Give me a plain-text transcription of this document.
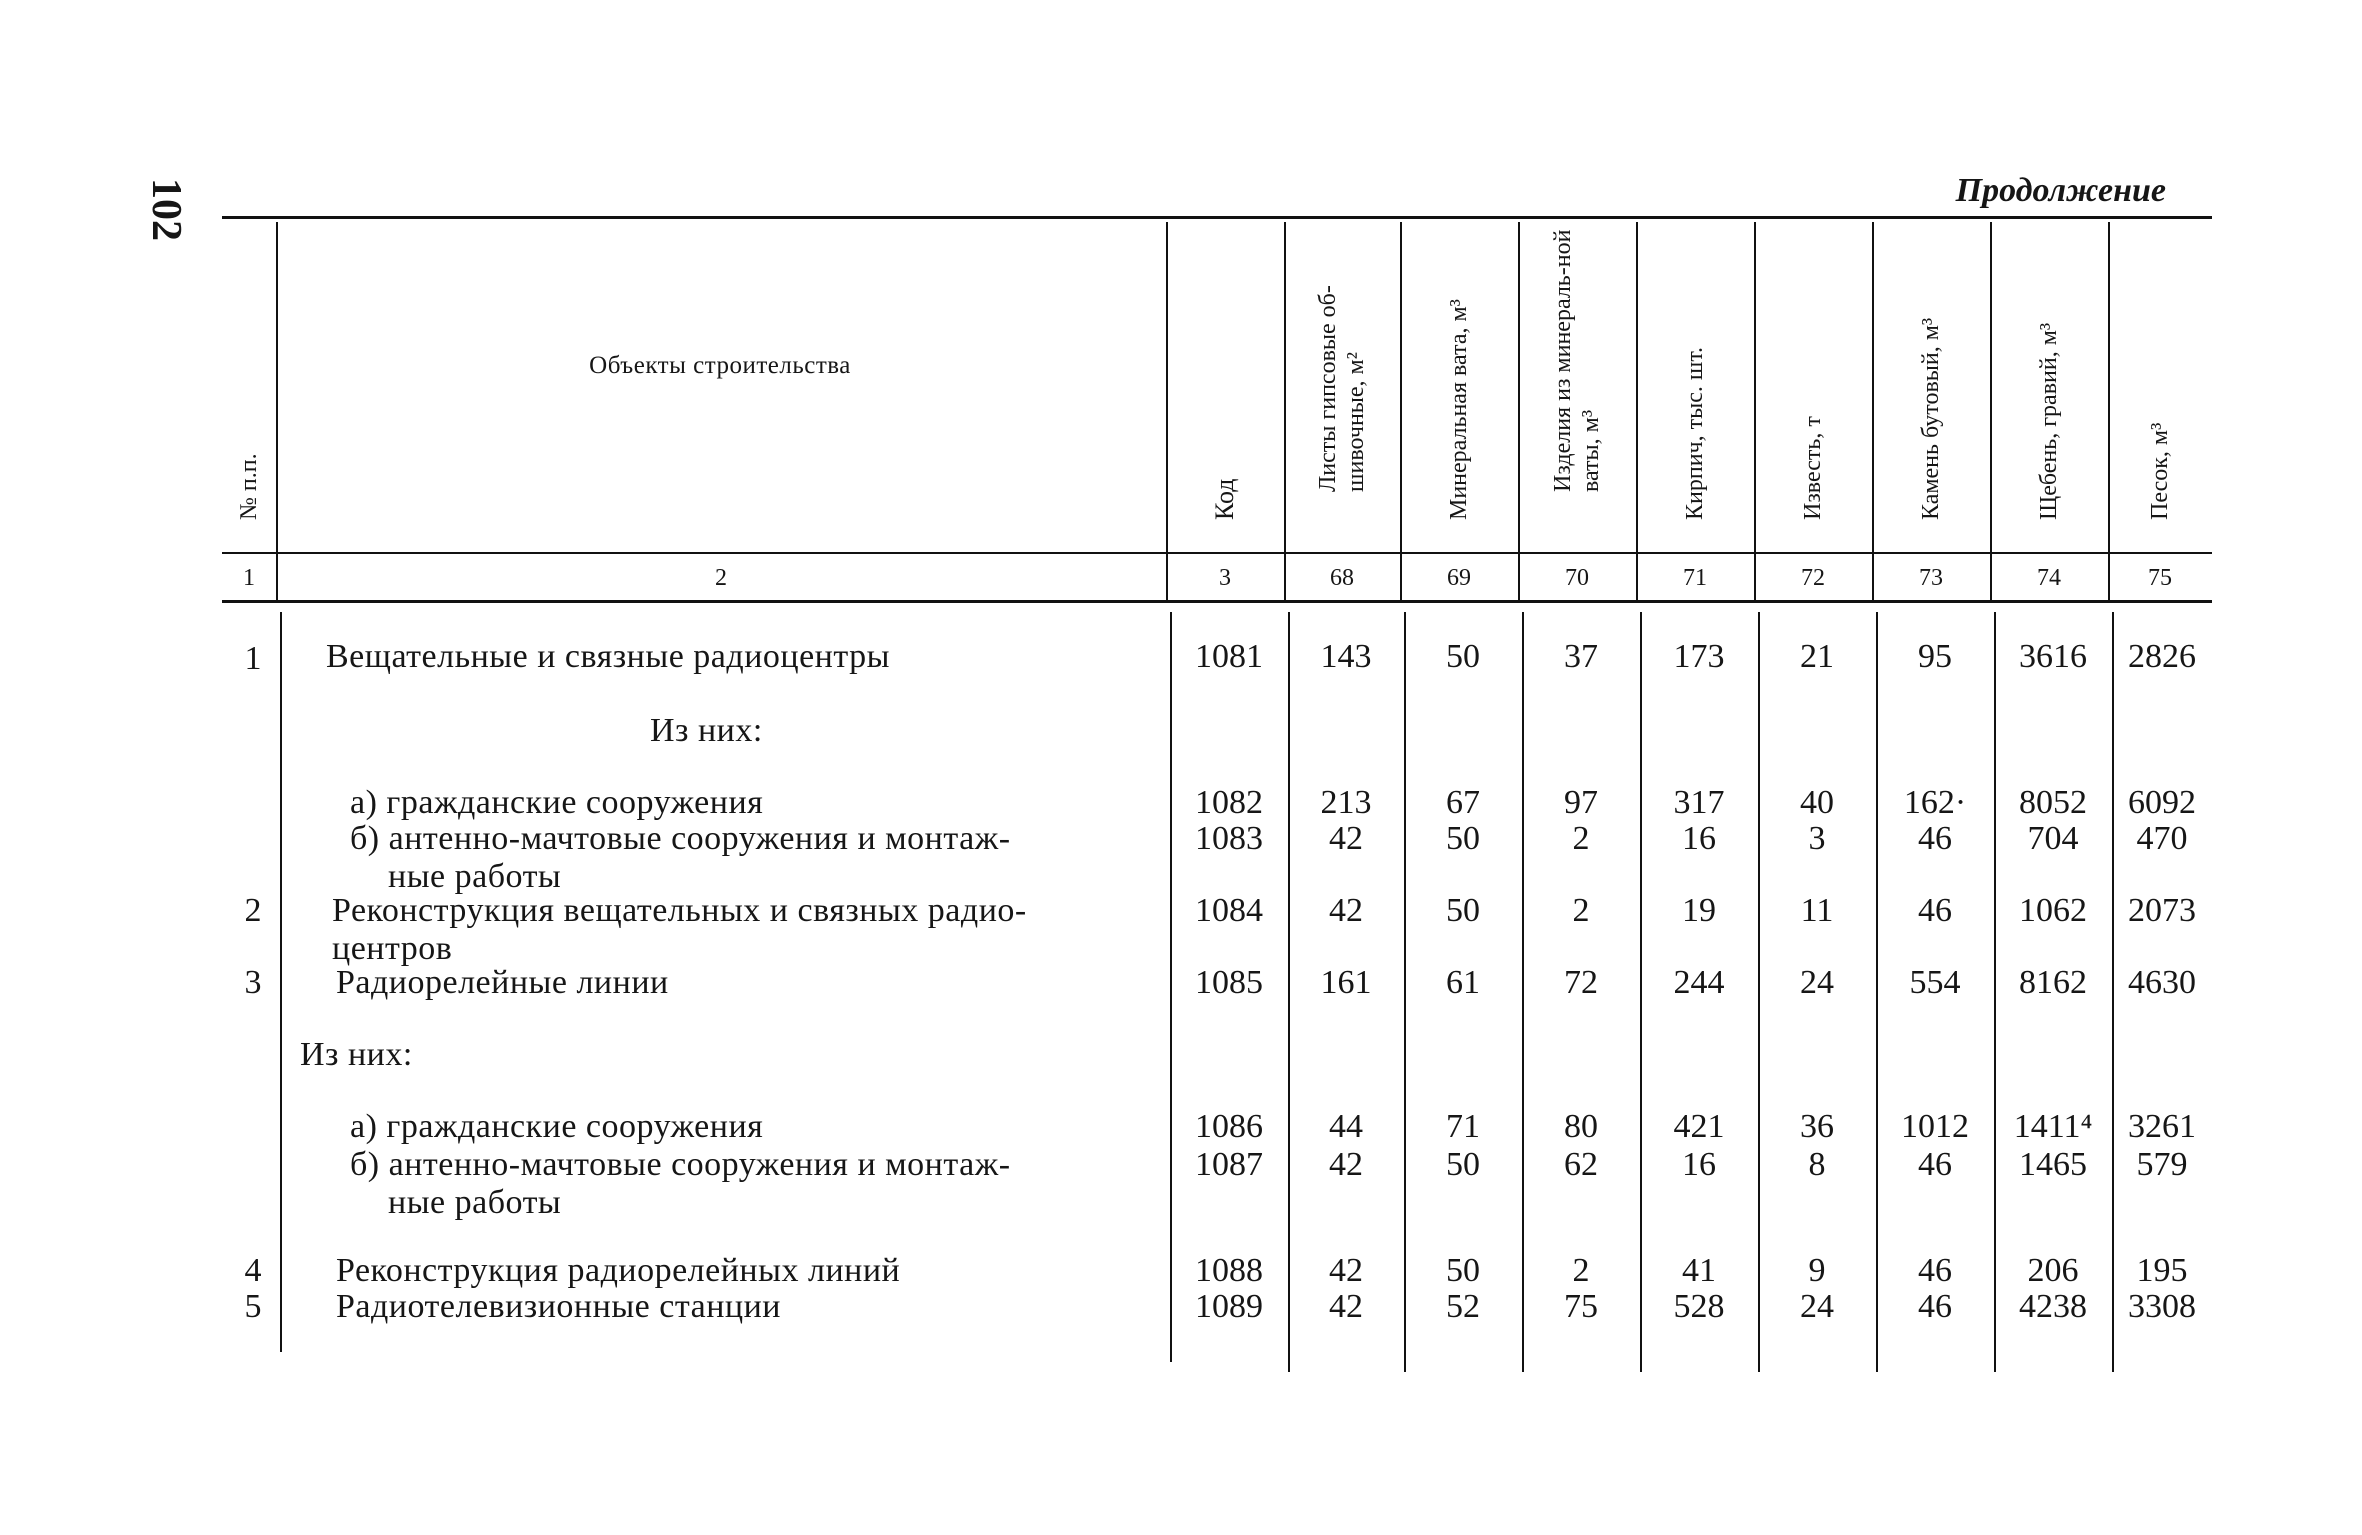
102	Продолжение
№ п.п.
Объекты строительства
Код
Листы гипсовые об-шивочные, м²	Минеральная вата, м³	Изделия из минераль-ной ваты, м³	Кирпич, тыс. шт.	Известь, т	Камень бутовый, м³	Щебень, гравий, м³	Песок, м³
1	2	3	68	69	70	71	72	73	74	75
1	Вещательные и связные радиоцентры	1081	143	50	37	173	21	95	3616	2826
Из них:
а) гражданские сооружения	1082	213	67	97	317	40	162·	8052	6092
б) антенно-мачтовые сооружения и монтаж-
ные работы
1083	42	50	2	16	3	46	704	470
2	Реконструкция вещательных и связных радио-
центров
1084	42	50	2	19	11	46	1062	2073
3	Радиорелейные линии	1085	161	61	72	244	24	554	8162	4630
Из них:
а) гражданские сооружения	1086	44	71	80	421	36	1012	1411⁴	3261
б) антенно-мачтовые сооружения и монтаж-
ные работы
1087	42	50	62	16	8	46	1465	579
4	Реконструкция радиорелейных линий	1088	42	50	2	41	9	46	206	195
5	Радиотелевизионные станции	1089	42	52	75	528	24	46	4238	3308
